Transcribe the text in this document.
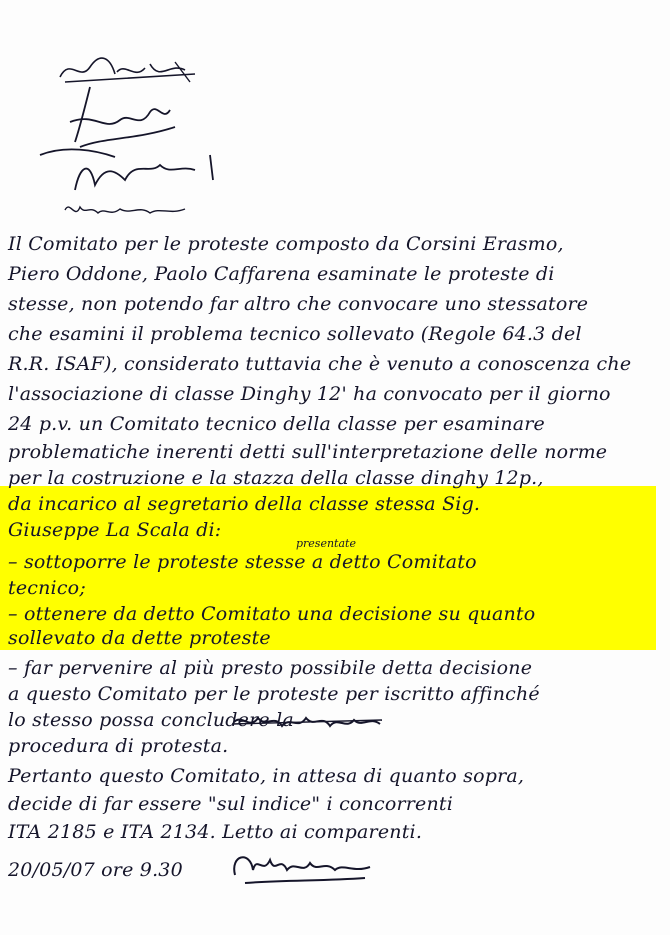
Il Comitato per le proteste composto da Corsini Erasmo,
Piero Oddone, Paolo Caffarena esaminate le proteste di
stesse, non potendo far altro che convocare uno stessatore
che esamini il problema tecnico sollevato (Regole 64.3 del
R.R. ISAF), considerato tuttavia che è venuto a conoscenza che
l'associazione di classe Dinghy 12' ha convocato per il giorno
24 p.v. un Comitato tecnico della classe per esaminare
problematiche inerenti detti sull'interpretazione delle norme
per la costruzione e la stazza della classe dinghy 12p.,
da incarico al segretario della classe stessa Sig.
Giuseppe La Scala di:
presentate
– sottoporre le proteste stesse a detto Comitato
tecnico;
– ottenere da detto Comitato una decisione su quanto
sollevato da dette proteste
– far pervenire al più presto possibile detta decisione
a questo Comitato per le proteste per iscritto affinché
lo stesso possa concludere la
procedura di protesta.
Pertanto questo Comitato, in attesa di quanto sopra,
decide di far essere "sul indice" i concorrenti
ITA 2185 e ITA 2134. Letto ai comparenti.
20/05/07 ore 9.30
